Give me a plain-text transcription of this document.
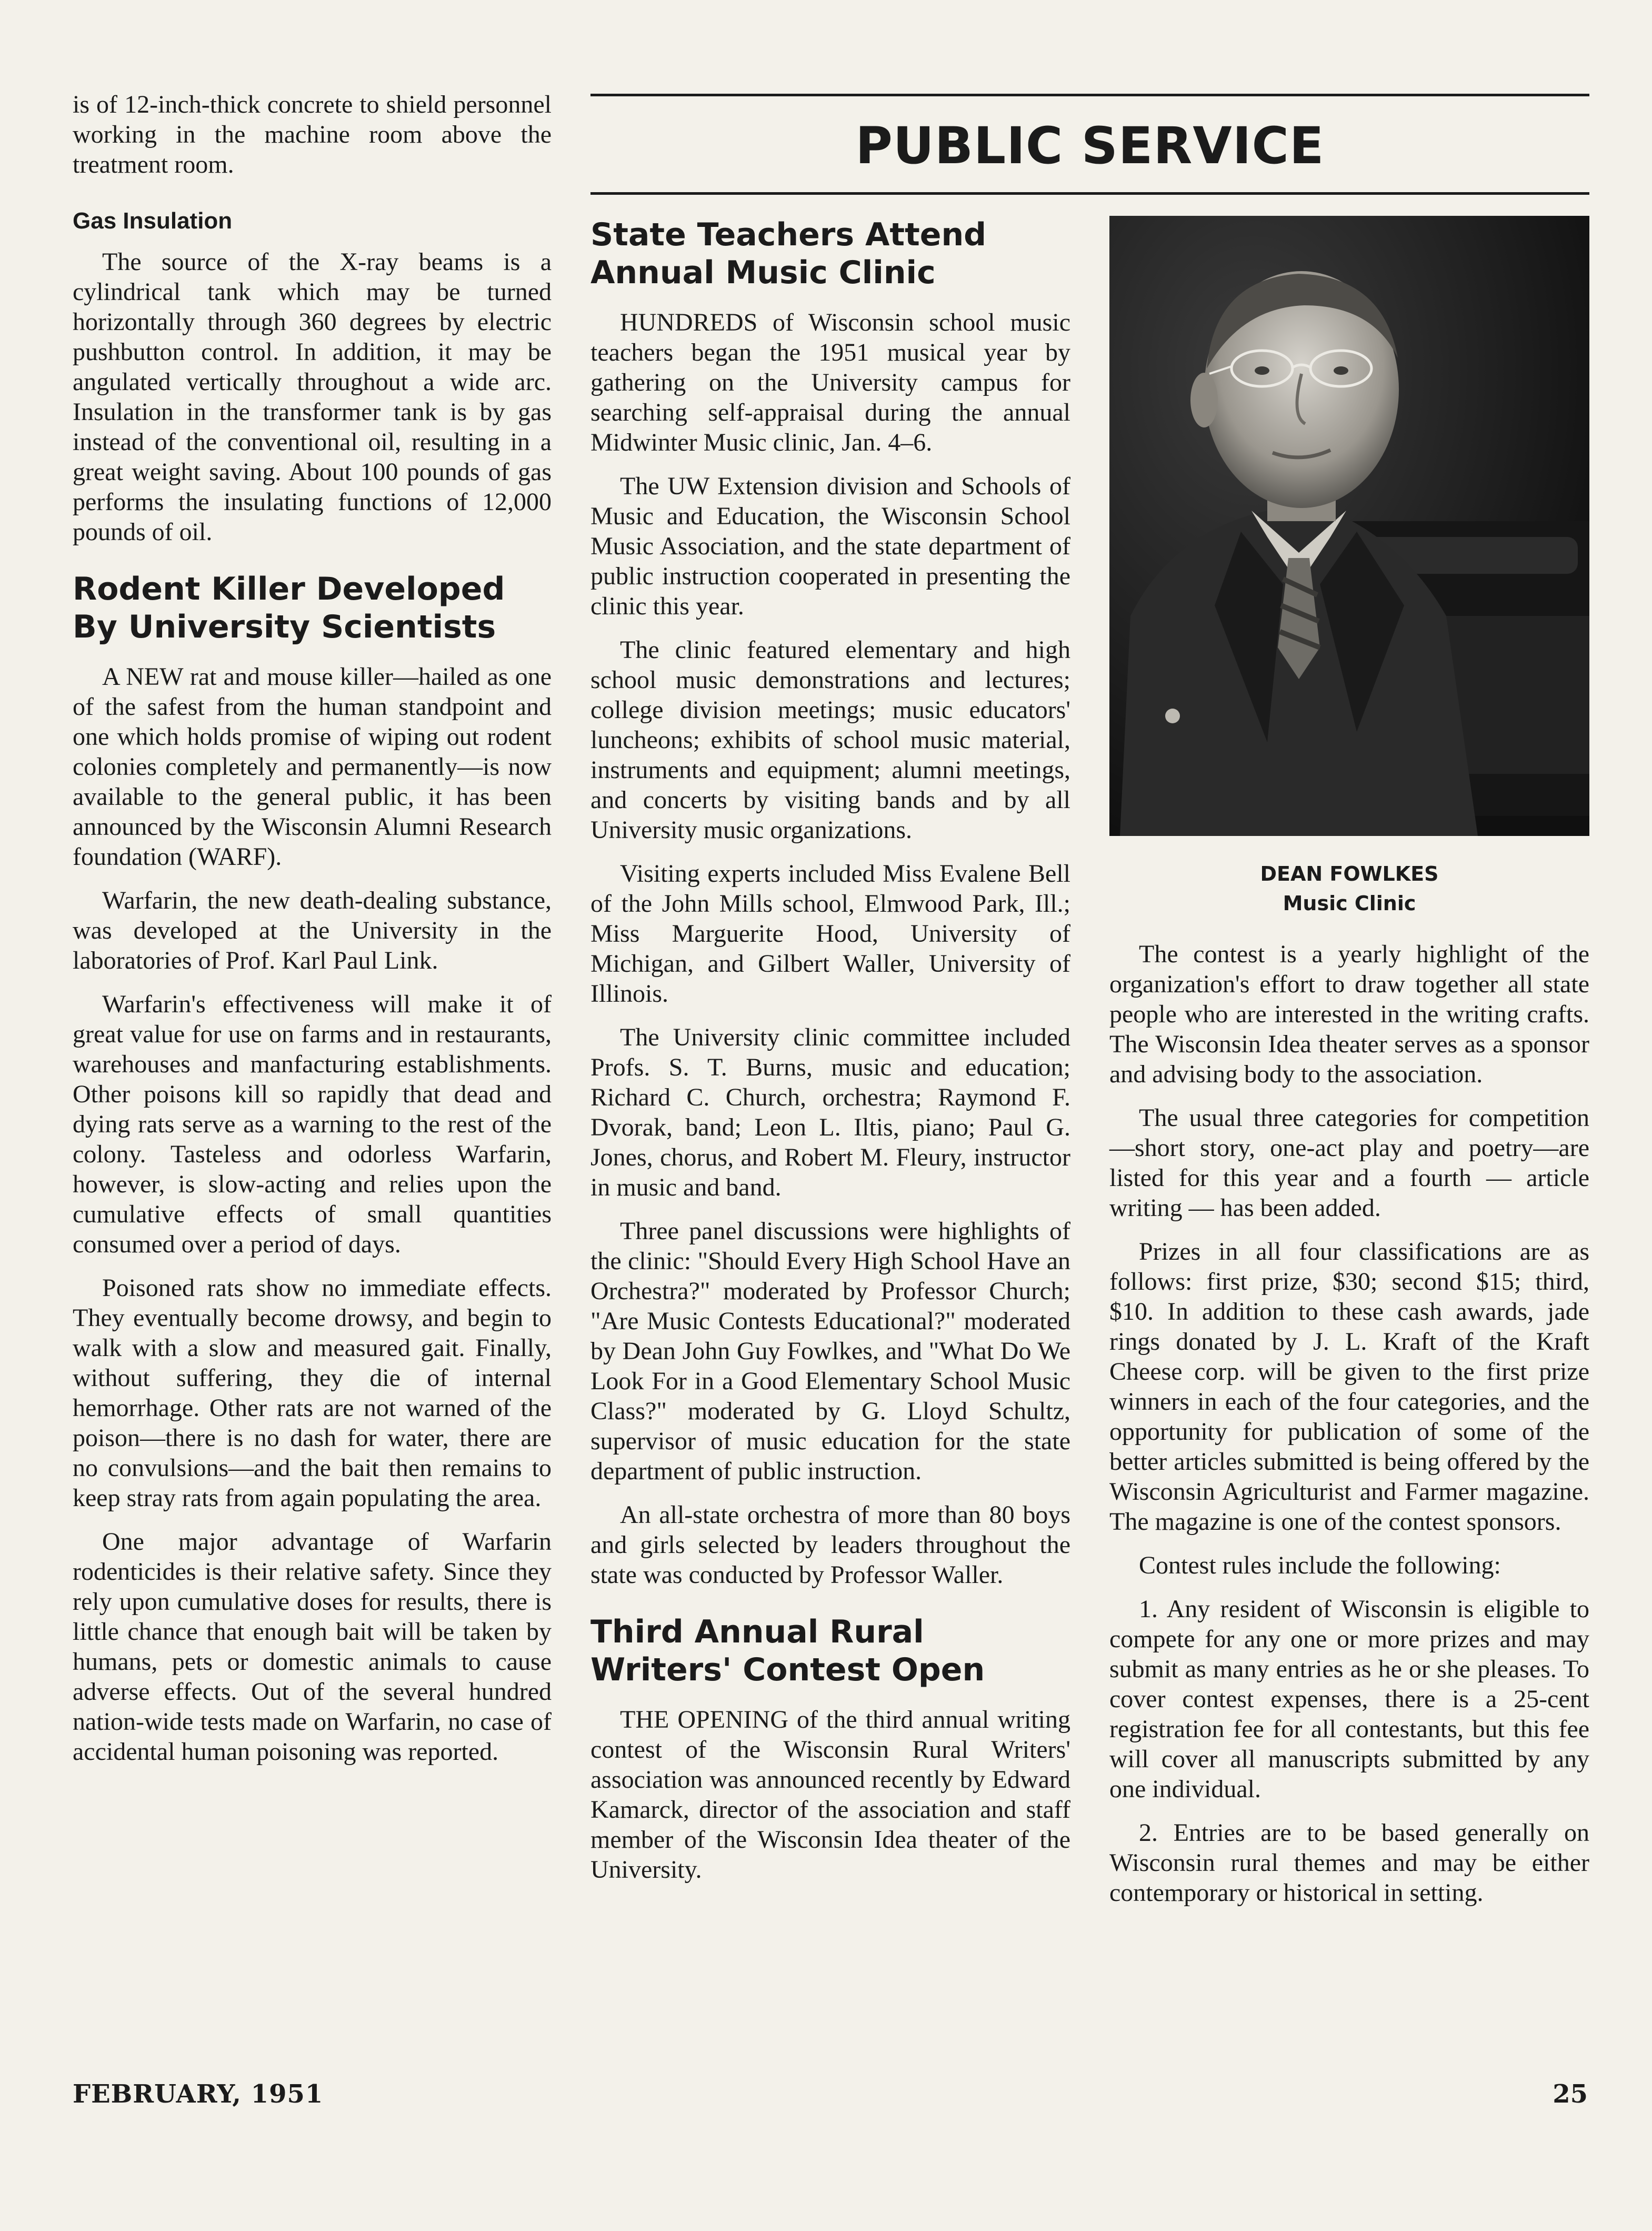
is of 12-inch-thick concrete to shield personnel working in the machine room above the treatment room.

Gas Insulation

The source of the X-ray beams is a cylindrical tank which may be turned horizontally through 360 degrees by electric pushbutton control. In addition, it may be angulated vertically throughout a wide arc. Insulation in the transformer tank is by gas instead of the conventional oil, resulting in a great weight saving. About 100 pounds of gas performs the insulating functions of 12,000 pounds of oil.

Rodent Killer Developed By University Scientists

A NEW rat and mouse killer—hailed as one of the safest from the human standpoint and one which holds promise of wiping out rodent colonies completely and permanently—is now available to the general public, it has been announced by the Wisconsin Alumni Research foundation (WARF).

Warfarin, the new death-dealing substance, was developed at the University in the laboratories of Prof. Karl Paul Link.

Warfarin's effectiveness will make it of great value for use on farms and in restaurants, warehouses and manfacturing establishments. Other poisons kill so rapidly that dead and dying rats serve as a warning to the rest of the colony. Tasteless and odorless Warfarin, however, is slow-acting and relies upon the cumulative effects of small quantities consumed over a period of days.

Poisoned rats show no immediate effects. They eventually become drowsy, and begin to walk with a slow and measured gait. Finally, without suffering, they die of internal hemorrhage. Other rats are not warned of the poison—there is no dash for water, there are no convulsions—and the bait then remains to keep stray rats from again populating the area.

One major advantage of Warfarin rodenticides is their relative safety. Since they rely upon cumulative doses for results, there is little chance that enough bait will be taken by humans, pets or domestic animals to cause adverse effects. Out of the several hundred nation-wide tests made on Warfarin, no case of accidental human poisoning was reported.

PUBLIC SERVICE
State Teachers Attend Annual Music Clinic

HUNDREDS of Wisconsin school music teachers began the 1951 musical year by gathering on the University campus for searching self-appraisal during the annual Midwinter Music clinic, Jan. 4–6.

The UW Extension division and Schools of Music and Education, the Wisconsin School Music Association, and the state department of public instruction cooperated in presenting the clinic this year.

The clinic featured elementary and high school music demonstrations and lectures; college division meetings; music educators' luncheons; exhibits of school music material, instruments and equipment; alumni meetings, and concerts by visiting bands and by all University music organizations.

Visiting experts included Miss Evalene Bell of the John Mills school, Elmwood Park, Ill.; Miss Marguerite Hood, University of Michigan, and Gilbert Waller, University of Illinois.

The University clinic committee included Profs. S. T. Burns, music and education; Richard C. Church, orchestra; Raymond F. Dvorak, band; Leon L. Iltis, piano; Paul G. Jones, chorus, and Robert M. Fleury, instructor in music and band.

Three panel discussions were highlights of the clinic: "Should Every High School Have an Orchestra?" moderated by Professor Church; "Are Music Contests Educational?" moderated by Dean John Guy Fowlkes, and "What Do We Look For in a Good Elementary School Music Class?" moderated by G. Lloyd Schultz, supervisor of music education for the state department of public instruction.

An all-state orchestra of more than 80 boys and girls selected by leaders throughout the state was conducted by Professor Waller.

Third Annual Rural Writers' Contest Open

THE OPENING of the third annual writing contest of the Wisconsin Rural Writers' association was announced recently by Edward Kamarck, director of the association and staff member of the Wisconsin Idea theater of the University.

DEAN FOWLKES
Music Clinic

The contest is a yearly highlight of the organization's effort to draw together all state people who are interested in the writing crafts. The Wisconsin Idea theater serves as a sponsor and advising body to the association.

The usual three categories for competition—short story, one-act play and poetry—are listed for this year and a fourth — article writing — has been added.

Prizes in all four classifications are as follows: first prize, $30; second $15; third, $10. In addition to these cash awards, jade rings donated by J. L. Kraft of the Kraft Cheese corp. will be given to the first prize winners in each of the four categories, and the opportunity for publication of some of the better articles submitted is being offered by the Wisconsin Agriculturist and Farmer magazine. The magazine is one of the contest sponsors.

Contest rules include the following:

1. Any resident of Wisconsin is eligible to compete for any one or more prizes and may submit as many entries as he or she pleases. To cover contest expenses, there is a 25-cent registration fee for all contestants, but this fee will cover all manuscripts submitted by any one individual.

2. Entries are to be based generally on Wisconsin rural themes and may be either contemporary or historical in setting.

FEBRUARY, 1951	25
